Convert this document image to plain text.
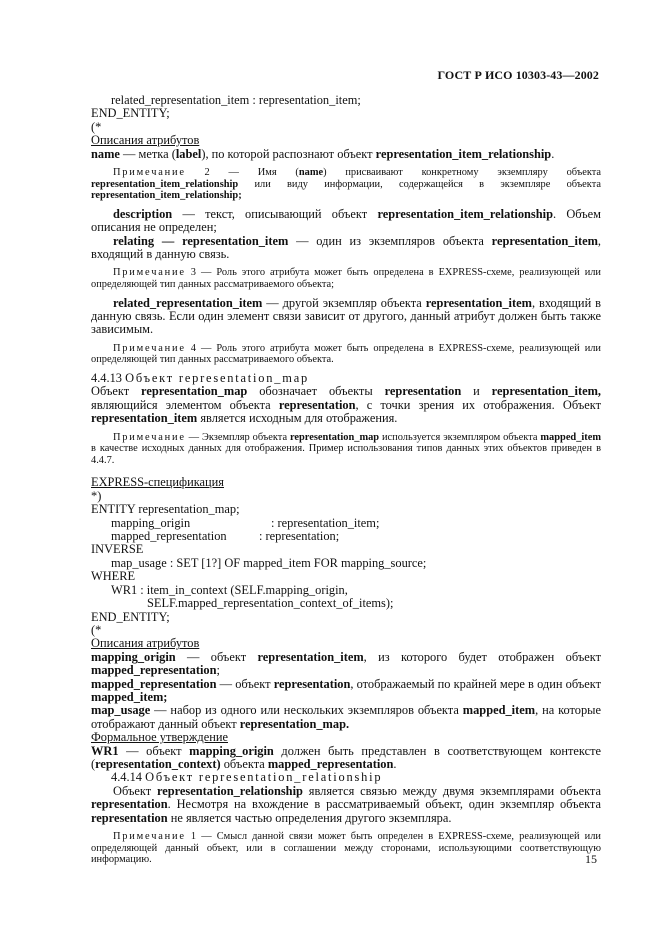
ГОСТ Р ИСО 10303-43—2002
related_representation_item : representation_item;
END_ENTITY;
(*
Описания атрибутов
name — метка (label), по которой распознают объект representation_item_relationship.
Примечание 2 — Имя (name) присваивают конкретному экземпляру объекта representation_item_relationship или виду информации, содержащейся в экземпляре объекта representation_item_relationship;
description — текст, описывающий объект representation_item_relationship. Объем описания не определен;
relating — representation_item — один из экземпляров объекта representation_item, входящий в данную связь.
Примечание 3 — Роль этого атрибута может быть определена в EXPRESS-схеме, реализующей или определяющей тип данных рассматриваемого объекта;
related_representation_item — другой экземпляр объекта representation_item, входящий в данную связь. Если один элемент связи зависит от другого, данный атрибут должен быть также зависимым.
Примечание 4 — Роль этого атрибута может быть определена в EXPRESS-схеме, реализующей или определяющей тип данных рассматриваемого объекта.
4.4.13 Объект representation_map
Объект representation_map обозначает объекты representation и representation_item, являющийся элементом объекта representation, с точки зрения их отображения. Объект representation_item является исходным для отображения.
Примечание — Экземпляр объекта representation_map используется экземпляром объекта mapped_item в качестве исходных данных для отображения. Пример использования типов данных этих объектов приведен в 4.4.7.
EXPRESS-спецификация
*)
ENTITY representation_map;
mapping_origin	: representation_item;
mapped_representation	: representation;
INVERSE
map_usage : SET [1?] OF mapped_item FOR mapping_source;
WHERE
WR1 : item_in_context (SELF.mapping_origin,
SELF.mapped_representation_context_of_items);
END_ENTITY;
(*
Описания атрибутов
mapping_origin — объект representation_item, из которого будет отображен объект mapped_representation;
mapped_representation — объект representation, отображаемый по крайней мере в один объект mapped_item;
map_usage — набор из одного или нескольких экземпляров объекта mapped_item, на которые отображают данный объект representation_map.
Формальное утверждение
WR1 — объект mapping_origin должен быть представлен в соответствующем контексте (representation_context) объекта mapped_representation.
4.4.14 Объект representation_relationship
Объект representation_relationship является связью между двумя экземплярами объекта representation. Несмотря на вхождение в рассматриваемый объект, один экземпляр объекта representation не является частью определения другого экземпляра.
Примечание 1 — Смысл данной связи может быть определен в EXPRESS-схеме, реализующей или определяющей данный объект, или в соглашении между сторонами, использующими соответствующую информацию.	15
